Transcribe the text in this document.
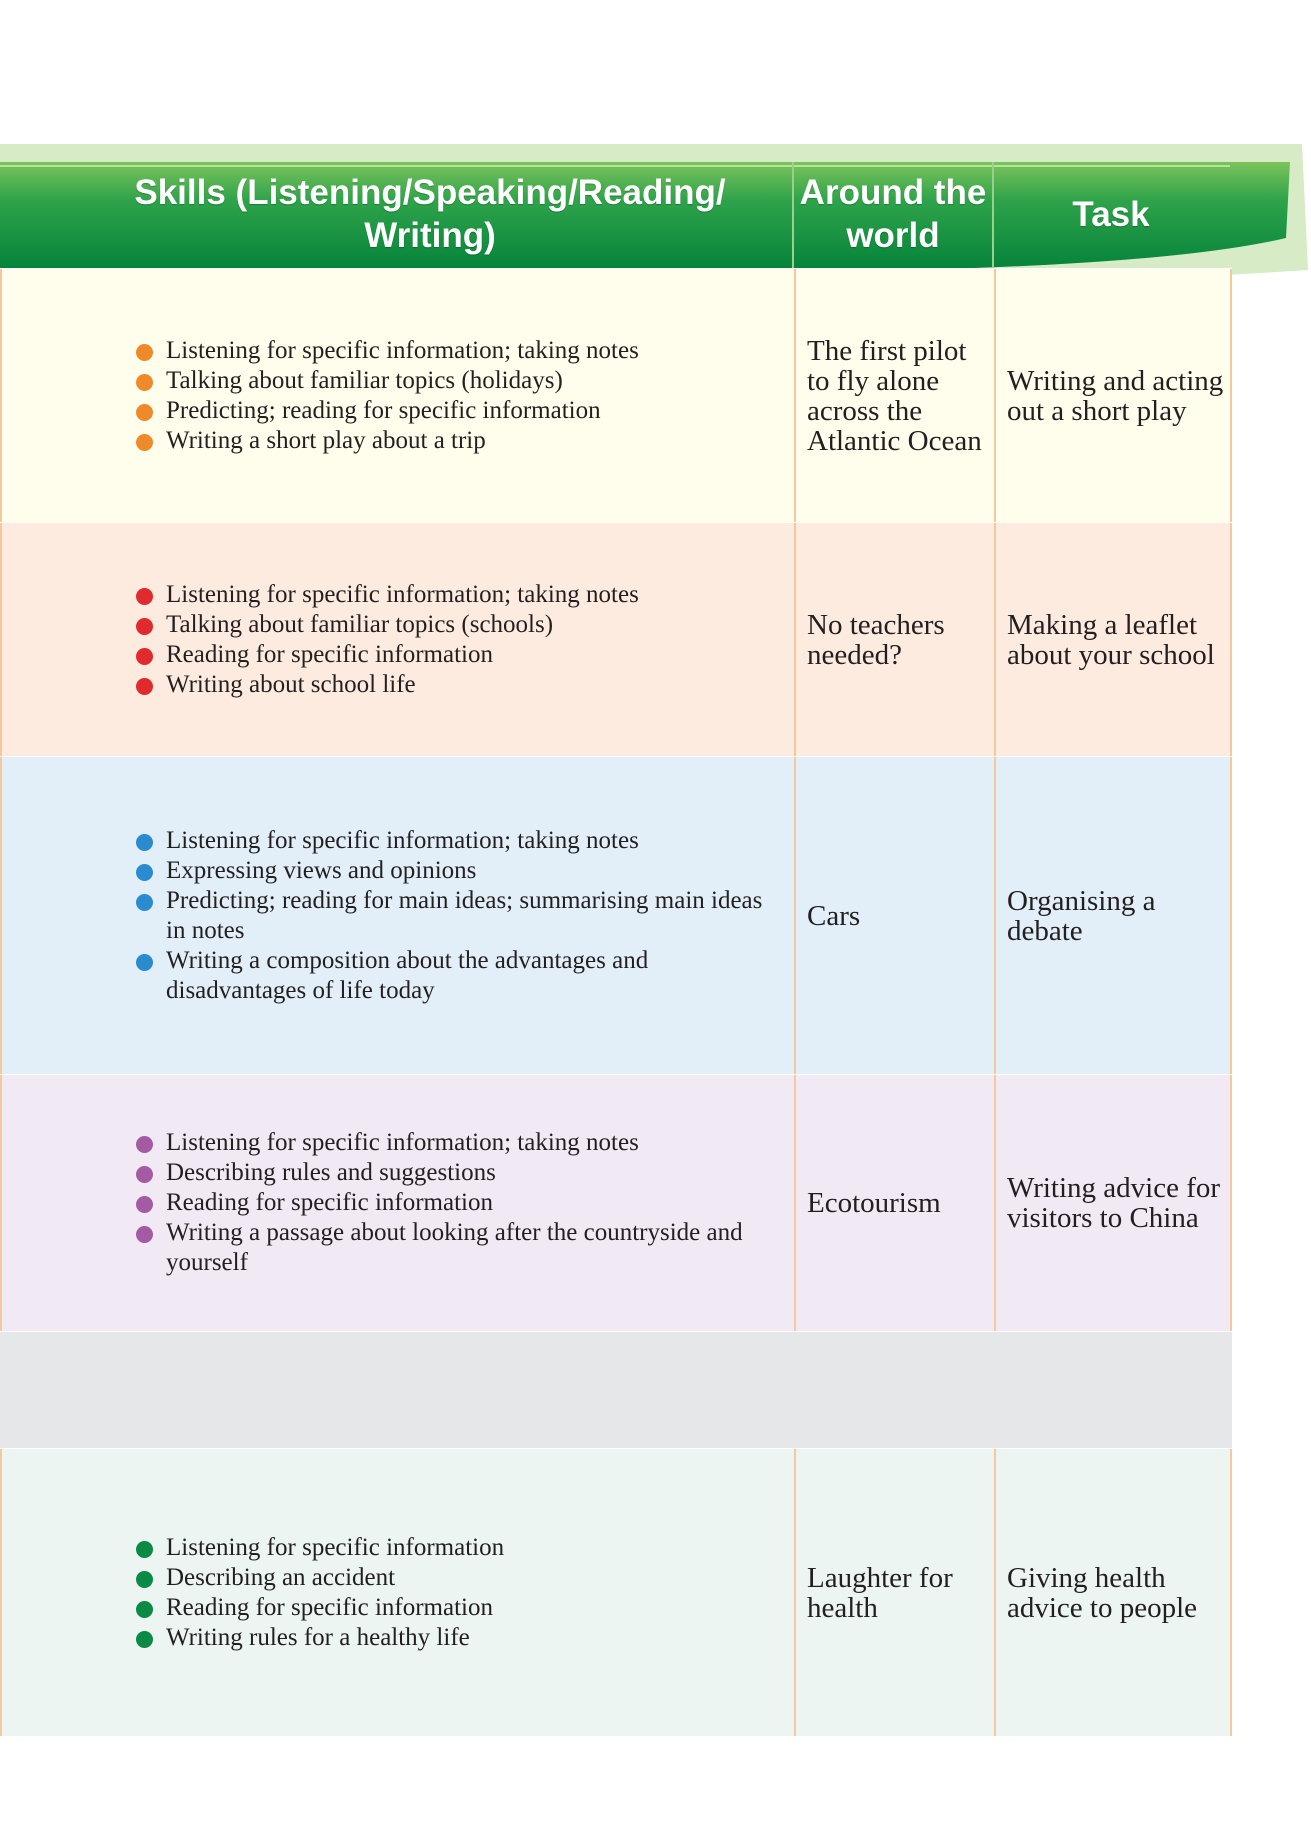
Skills (Listening/Speaking/Reading/ Writing)
Around the world
Task
Listening for specific information; taking notes
Talking about familiar topics (holidays)
Predicting; reading for specific information
Writing a short play about a trip
The first pilot to fly alone across the Atlantic Ocean
Writing and acting out a short play
Listening for specific information; taking notes
Talking about familiar topics (schools)
Reading for specific information
Writing about school life
No teachers needed?
Making a leaflet about your school
Listening for specific information; taking notes
Expressing views and opinions
Predicting; reading for main ideas; summarising main ideas in notes
Writing a composition about the advantages and disadvantages of life today
Cars	Organising a debate
Listening for specific information; taking notes
Describing rules and suggestions
Reading for specific information
Writing a passage about looking after the countryside and yourself
Ecotourism	Writing advice for visitors to China
Listening for specific information
Describing an accident
Reading for specific information
Writing rules for a healthy life
Laughter for health
Giving health advice to people
